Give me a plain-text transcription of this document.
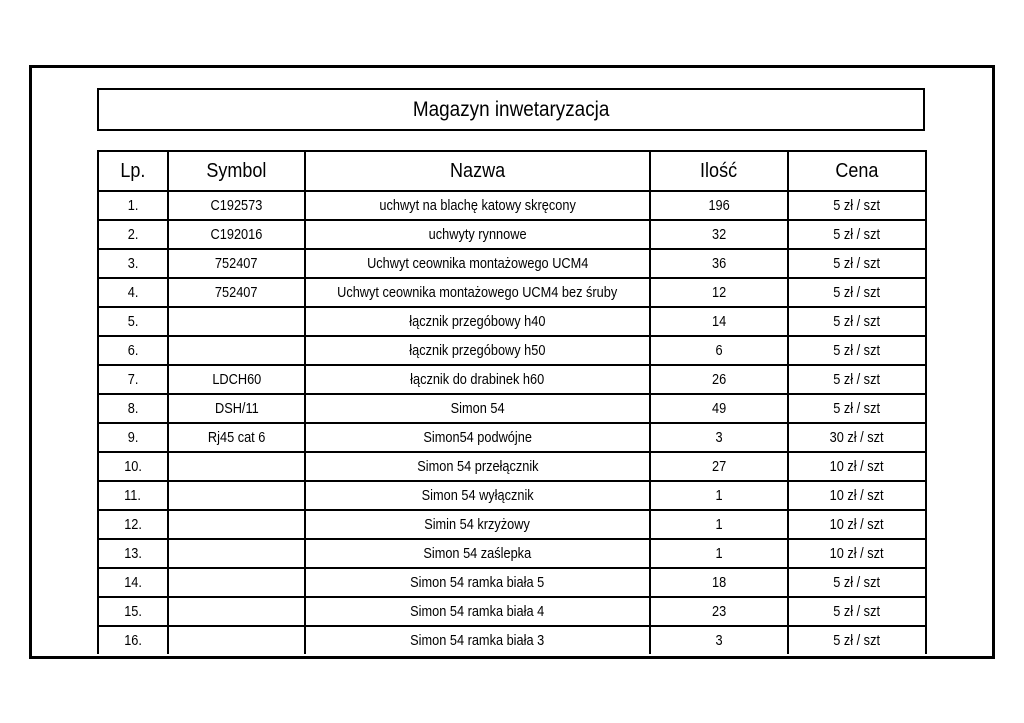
Magazyn inwetaryzacja
Lp.	Symbol	Nazwa	Ilość	Cena
1.	C192573	uchwyt na blachę katowy skręcony	196	5 zł / szt
2.	C192016	uchwyty rynnowe	32	5 zł / szt
3.	752407	Uchwyt ceownika montażowego UCM4	36	5 zł / szt
4.	752407	Uchwyt ceownika montażowego UCM4 bez śruby	12	5 zł / szt
5.		łącznik przegóbowy h40	14	5 zł / szt
6.		łącznik przegóbowy h50	6	5 zł / szt
7.	LDCH60	łącznik do drabinek h60	26	5 zł / szt
8.	DSH/11	Simon 54	49	5 zł / szt
9.	Rj45 cat 6	Simon54 podwójne	3	30 zł / szt
10.		Simon 54 przełącznik	27	10 zł / szt
11.		Simon 54 wyłącznik	1	10 zł / szt
12.		Simin 54 krzyżowy	1	10 zł / szt
13.		Simon 54 zaślepka	1	10 zł / szt
14.		Simon 54 ramka biała 5	18	5 zł / szt
15.		Simon 54 ramka biała 4	23	5 zł / szt
16.		Simon 54 ramka biała 3	3	5 zł / szt
